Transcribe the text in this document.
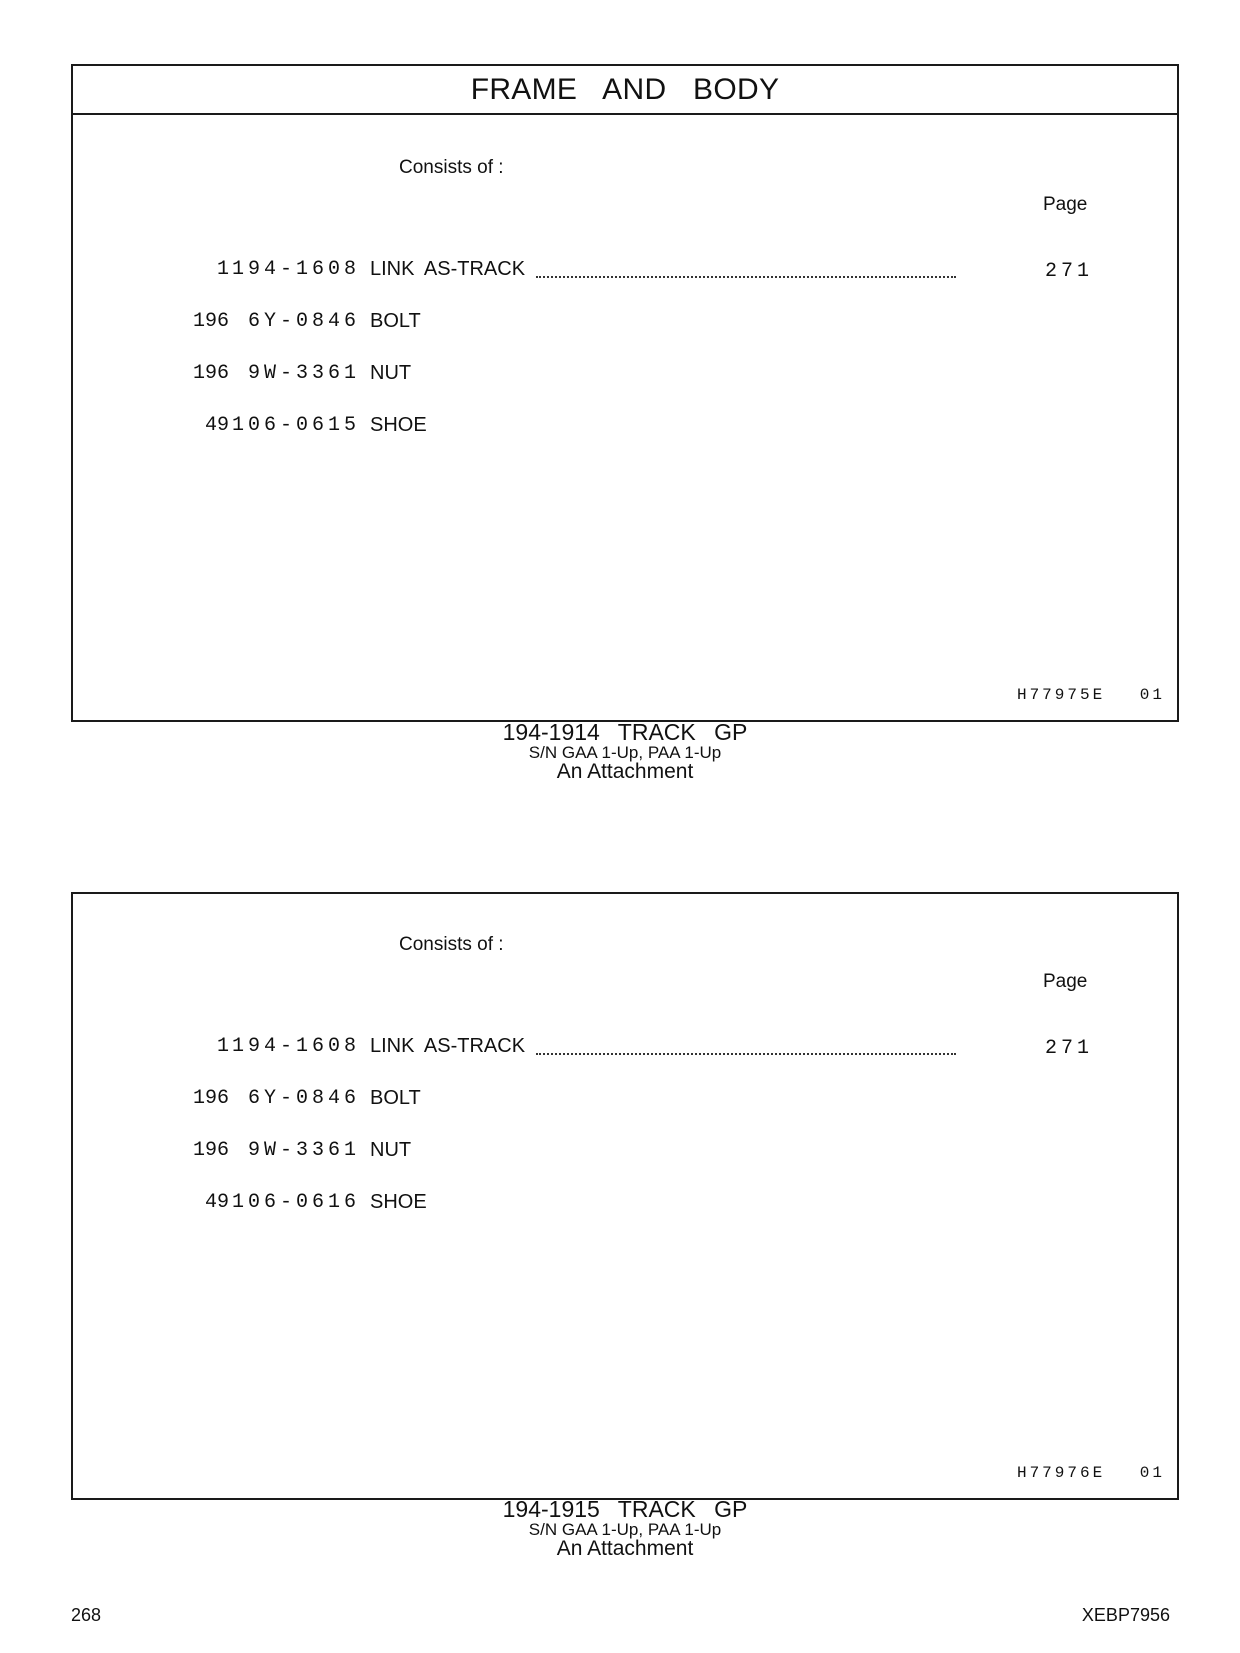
FRAME AND BODY
Consists of :
Page
1 194-1608 LINK AS-TRACK	271
196 6Y-0846 BOLT
196 9W-3361 NUT
49 106-0615 SHOE
H77975E 01
194-1914 TRACK GP
S/N GAA 1-Up, PAA 1-Up
An Attachment
Consists of :
Page
1 194-1608 LINK AS-TRACK	271
196 6Y-0846 BOLT
196 9W-3361 NUT
49 106-0616 SHOE
H77976E 01
194-1915 TRACK GP
S/N GAA 1-Up, PAA 1-Up
An Attachment
268	XEBP7956
